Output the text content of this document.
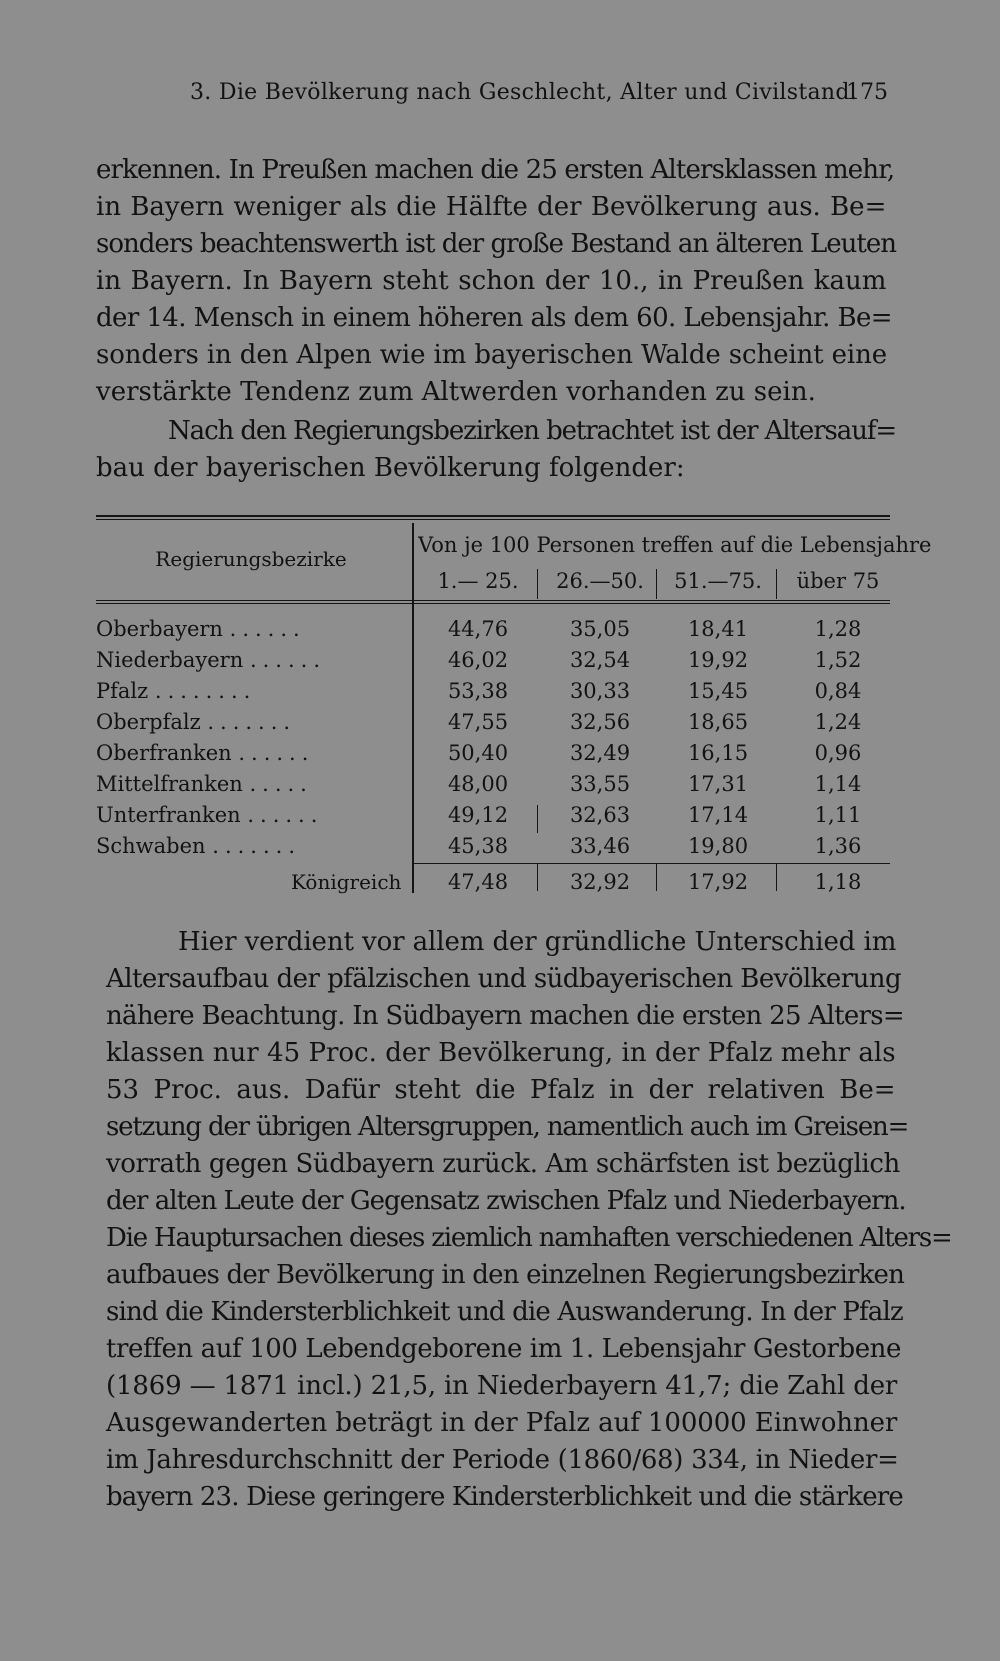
3. Die Bevölkerung nach Geschlecht, Alter und Civilstand.
175
erkennen. In Preußen machen die 25 ersten Altersklassen mehr,
in Bayern weniger als die Hälfte der Bevölkerung aus. Be=
sonders beachtenswerth ist der große Bestand an älteren Leuten
in Bayern. In Bayern steht schon der 10., in Preußen kaum
der 14. Mensch in einem höheren als dem 60. Lebensjahr. Be=
sonders in den Alpen wie im bayerischen Walde scheint eine
verstärkte Tendenz zum Altwerden vorhanden zu sein.
Nach den Regierungsbezirken betrachtet ist der Altersauf=
bau der bayerischen Bevölkerung folgender:
Regierungsbezirke
Von je 100 Personen treffen auf die Lebensjahre
1.— 25.	26.—50.	51.—75.	über 75
Oberbayern ......	44,76	35,05	18,41	1,28
Niederbayern ......	46,02	32,54	19,92	1,52
Pfalz ........	53,38	30,33	15,45	0,84
Oberpfalz .......	47,55	32,56	18,65	1,24
Oberfranken ......	50,40	32,49	16,15	0,96
Mittelfranken .....	48,00	33,55	17,31	1,14
Unterfranken ......	49,12	32,63	17,14	1,11
Schwaben .......	45,38	33,46	19,80	1,36
Königreich	47,48	32,92	17,92	1,18
Hier verdient vor allem der gründliche Unterschied im
Altersaufbau der pfälzischen und südbayerischen Bevölkerung
nähere Beachtung. In Südbayern machen die ersten 25 Alters=
klassen nur 45 Proc. der Bevölkerung, in der Pfalz mehr als
53 Proc. aus. Dafür steht die Pfalz in der relativen Be=
setzung der übrigen Altersgruppen, namentlich auch im Greisen=
vorrath gegen Südbayern zurück. Am schärfsten ist bezüglich
der alten Leute der Gegensatz zwischen Pfalz und Niederbayern.
Die Hauptursachen dieses ziemlich namhaften verschiedenen Alters=
aufbaues der Bevölkerung in den einzelnen Regierungsbezirken
sind die Kindersterblichkeit und die Auswanderung. In der Pfalz
treffen auf 100 Lebendgeborene im 1. Lebensjahr Gestorbene
(1869 — 1871 incl.) 21,5, in Niederbayern 41,7; die Zahl der
Ausgewanderten beträgt in der Pfalz auf 100000 Einwohner
im Jahresdurchschnitt der Periode (1860/68) 334, in Nieder=
bayern 23. Diese geringere Kindersterblichkeit und die stärkere
